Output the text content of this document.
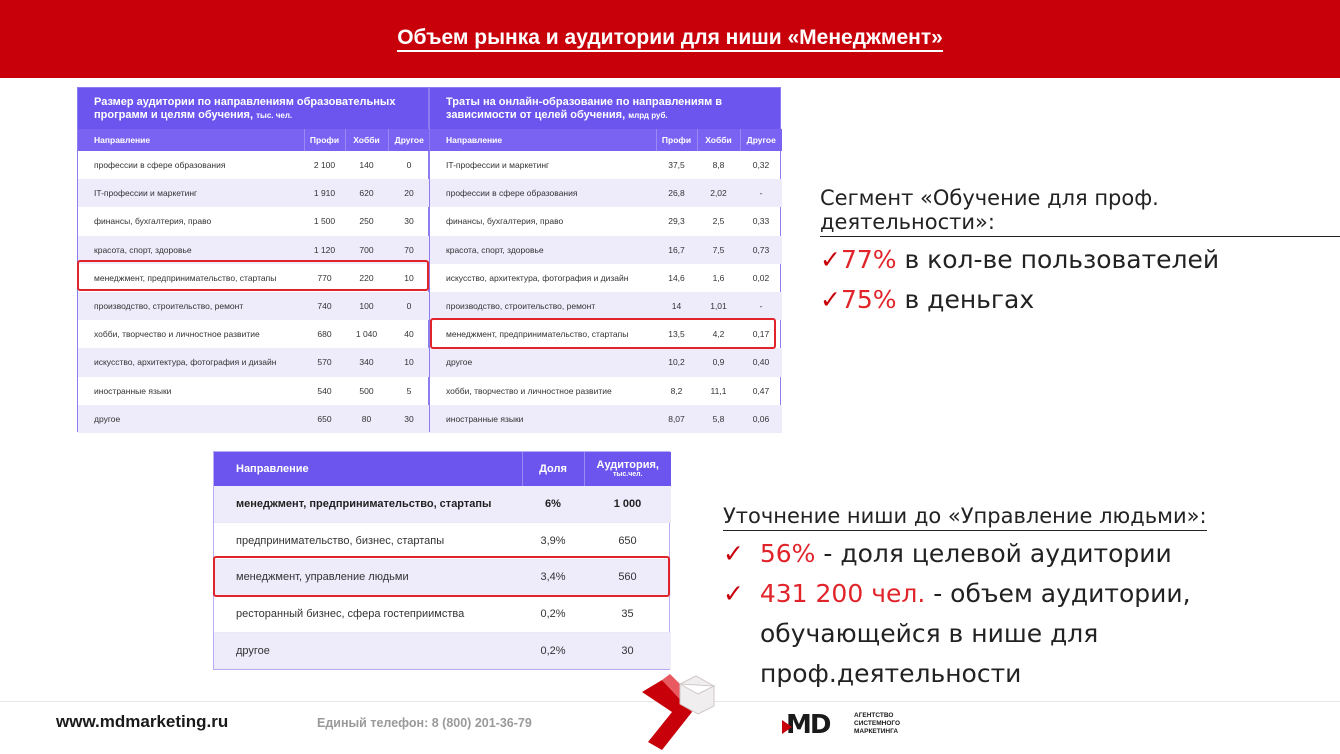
Объем рынка и аудитории для ниши «Менеджмент»
Размер аудитории по направлениям образовательных программ и целям обучения, тыс. чел.
Направление	Профи	Хобби	Другое
профессии в сфере образования	2 100	140	0
IT-профессии и маркетинг	1 910	620	20
финансы, бухгалтерия, право	1 500	250	30
красота, спорт, здоровье	1 120	700	70
менеджмент, предпринимательство, стартапы	770	220	10
производство, строительство, ремонт	740	100	0
хобби, творчество и личностное развитие	680	1 040	40
искусство, архитектура, фотография и дизайн	570	340	10
иностранные языки	540	500	5
другое	650	80	30
Траты на онлайн-образование по направлениям в зависимости от целей обучения, млрд руб.
Направление	Профи	Хобби	Другое
IT-профессии и маркетинг	37,5	8,8	0,32
профессии в сфере образования	26,8	2,02	-
финансы, бухгалтерия, право	29,3	2,5	0,33
красота, спорт, здоровье	16,7	7,5	0,73
искусство, архитектура, фотография и дизайн	14,6	1,6	0,02
производство, строительство, ремонт	14	1,01	-
менеджмент, предпринимательство, стартапы	13,5	4,2	0,17
другое	10,2	0,9	0,40
хобби, творчество и личностное развитие	8,2	11,1	0,47
иностранные языки	8,07	5,8	0,06
Направление	Доля	Аудитория,
тыс.чел.

менеджмент, предпринимательство, стартапы	6%	1 000
предпринимательство, бизнес, стартапы	3,9%	650
менеджмент, управление людьми	3,4%	560
ресторанный бизнес, сфера гостеприимства	0,2%	35
другое	0,2%	30
Сегмент «Обучение для проф. деятельности»:
✓77% в кол-ве пользователей
✓75% в деньгах
Уточнение ниши до «Управление людьми»:
✓ 56% - доля целевой аудитории
✓ 431 200 чел. - объем аудитории,
обучающейся в нише для
проф.деятельности
www.mdmarketing.ru	Единый телефон: 8 (800) 201-36-79	MD	АГЕНТСТВО
СИСТЕМНОГО
МАРКЕТИНГА
